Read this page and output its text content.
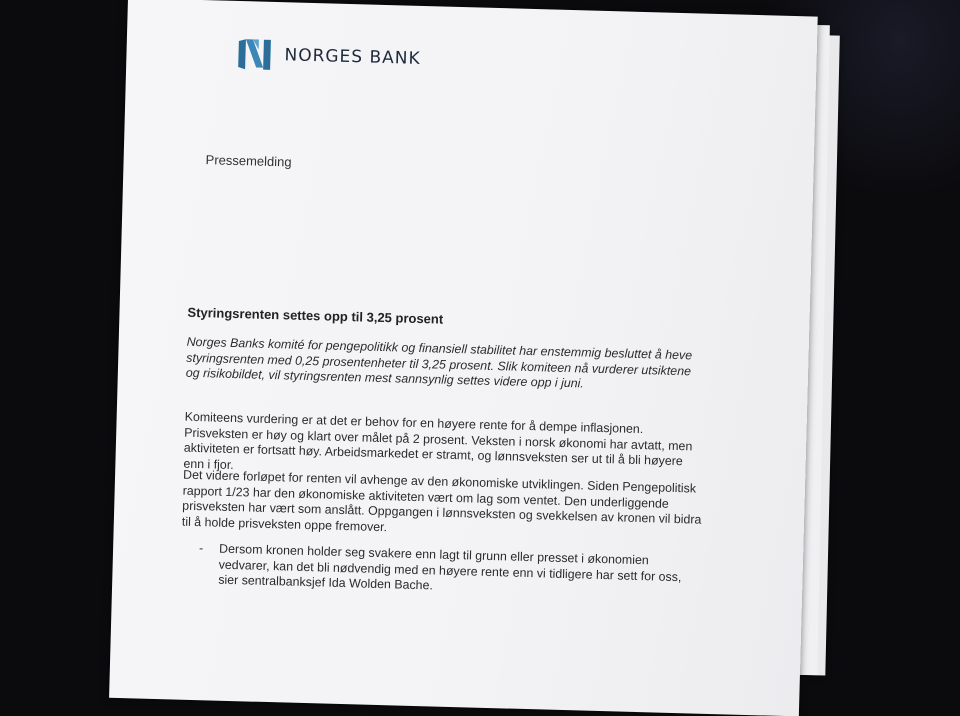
NORGES BANK
Pressemelding
Styringsrenten settes opp til 3,25 prosent
Norges Banks komité for pengepolitikk og finansiell stabilitet har enstemmig besluttet å heve styringsrenten med 0,25 prosentenheter til 3,25 prosent. Slik komiteen nå vurderer utsiktene og risikobildet, vil styringsrenten mest sannsynlig settes videre opp i juni.
Komiteens vurdering er at det er behov for en høyere rente for å dempe inflasjonen. Prisveksten er høy og klart over målet på 2 prosent. Veksten i norsk økonomi har avtatt, men aktiviteten er fortsatt høy. Arbeidsmarkedet er stramt, og lønnsveksten ser ut til å bli høyere enn i fjor.
Det videre forløpet for renten vil avhenge av den økonomiske utviklingen. Siden Pengepolitisk rapport 1/23 har den økonomiske aktiviteten vært om lag som ventet. Den underliggende prisveksten har vært som anslått. Oppgangen i lønnsveksten og svekkelsen av kronen vil bidra til å holde prisveksten oppe fremover.
-	Dersom kronen holder seg svakere enn lagt til grunn eller presset i økonomien vedvarer, kan det bli nødvendig med en høyere rente enn vi tidligere har sett for oss, sier sentralbanksjef Ida Wolden Bache.
